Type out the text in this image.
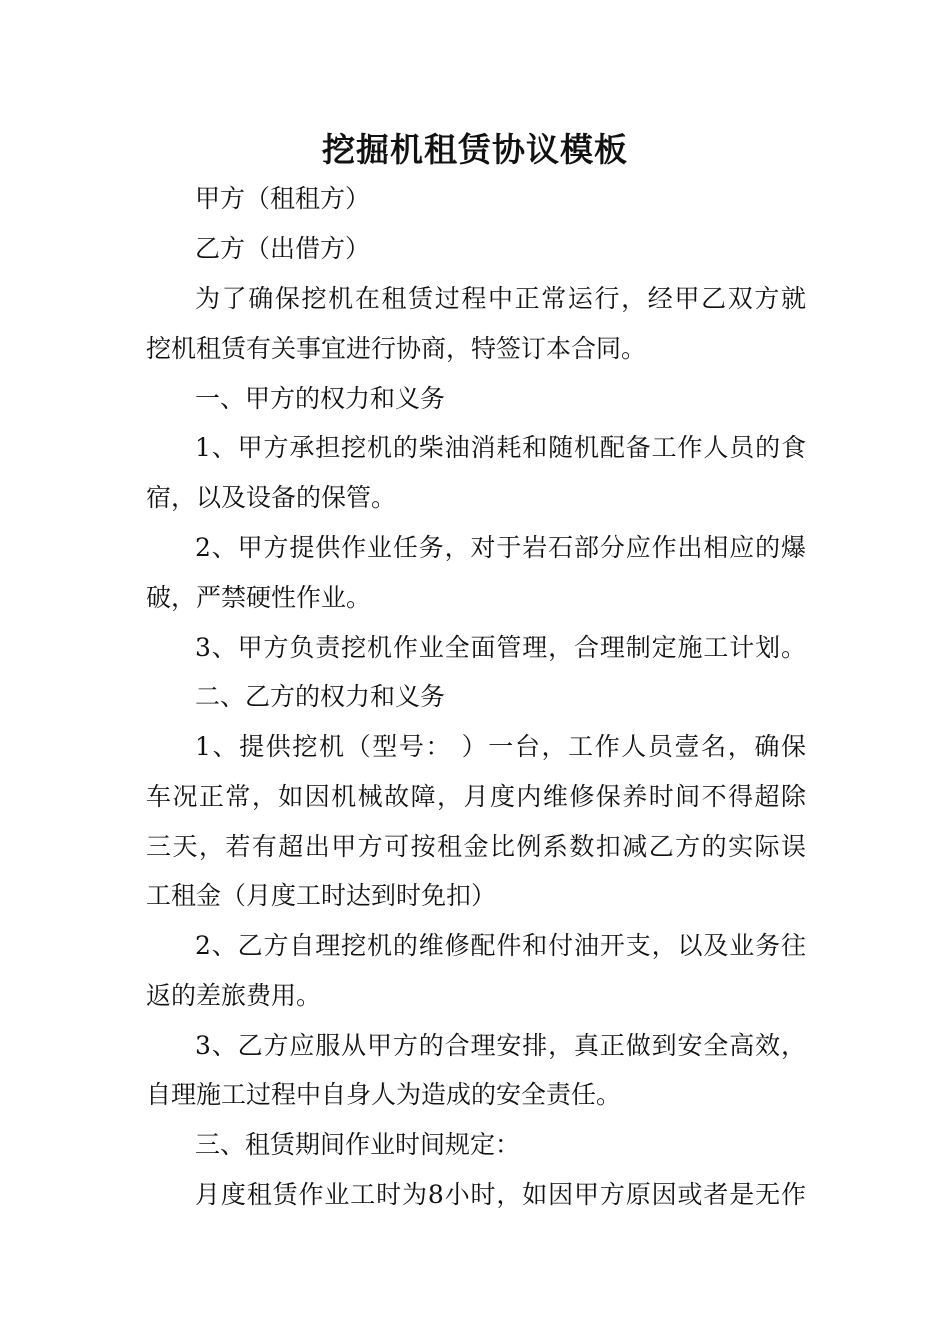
挖掘机租赁协议模板
甲方（租租方）
乙方（出借方）
为了确保挖机在租赁过程中正常运行，经甲乙双方就
挖机租赁有关事宜进行协商，特签订本合同。
一、甲方的权力和义务
1、甲方承担挖机的柴油消耗和随机配备工作人员的食
宿，以及设备的保管。
2、甲方提供作业任务，对于岩石部分应作出相应的爆
破，严禁硬性作业。
3、甲方负责挖机作业全面管理，合理制定施工计划。
二、乙方的权力和义务
1、提供挖机（型号： ）一台，工作人员壹名，确保
车况正常，如因机械故障，月度内维修保养时间不得超除
三天，若有超出甲方可按租金比例系数扣减乙方的实际误
工租金（月度工时达到时免扣）
2、乙方自理挖机的维修配件和付油开支，以及业务往
返的差旅费用。
3、乙方应服从甲方的合理安排，真正做到安全高效，
自理施工过程中自身人为造成的安全责任。
三、租赁期间作业时间规定：
月度租赁作业工时为8小时，如因甲方原因或者是无作
